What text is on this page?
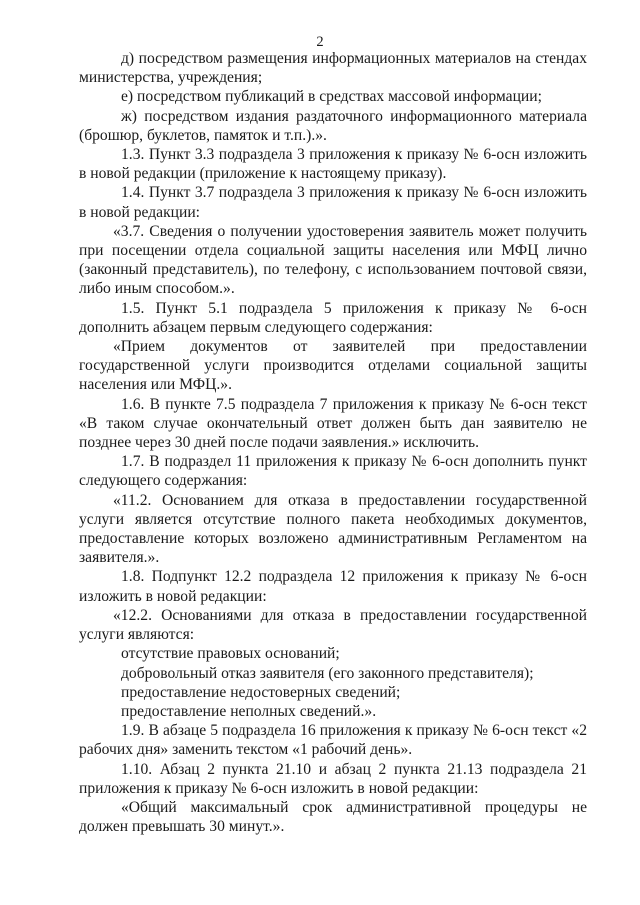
2

д) посредством размещения информационных материалов на стендах министерства, учреждения;

е) посредством публикаций в средствах массовой информации;

ж) посредством издания раздаточного информационного материала (брошюр, буклетов, памяток и т.п.).».

1.3. Пункт 3.3 подраздела 3 приложения к приказу № 6-осн изложить в новой редакции (приложение к настоящему приказу).

1.4. Пункт 3.7 подраздела 3 приложения к приказу № 6-осн изложить в новой редакции:

«3.7. Сведения о получении удостоверения заявитель может получить при посещении отдела социальной защиты населения или МФЦ лично (законный представитель), по телефону, с использованием почтовой связи, либо иным способом.».

1.5. Пункт 5.1 подраздела 5 приложения к приказу № 6-осн дополнить абзацем первым следующего содержания:

«Прием документов от заявителей при предоставлении государственной услуги производится отделами социальной защиты населения или МФЦ.».

1.6. В пункте 7.5 подраздела 7 приложения к приказу № 6-осн текст «В таком случае окончательный ответ должен быть дан заявителю не позднее через 30 дней после подачи заявления.» исключить.

1.7. В подраздел 11 приложения к приказу № 6-осн дополнить пункт следующего содержания:

«11.2. Основанием для отказа в предоставлении государственной услуги является отсутствие полного пакета необходимых документов, предоставление которых возложено административным Регламентом на заявителя.».

1.8. Подпункт 12.2 подраздела 12 приложения к приказу № 6-осн изложить в новой редакции:

«12.2. Основаниями для отказа в предоставлении государственной услуги являются:

отсутствие правовых оснований;

добровольный отказ заявителя (его законного представителя);

предоставление недостоверных сведений;

предоставление неполных сведений.».

1.9. В абзаце 5 подраздела 16 приложения к приказу № 6-осн текст «2 рабочих дня» заменить текстом «1 рабочий день».

1.10. Абзац 2 пункта 21.10 и абзац 2 пункта 21.13 подраздела 21 приложения к приказу № 6-осн изложить в новой редакции:

«Общий максимальный срок административной процедуры не должен превышать 30 минут.».
